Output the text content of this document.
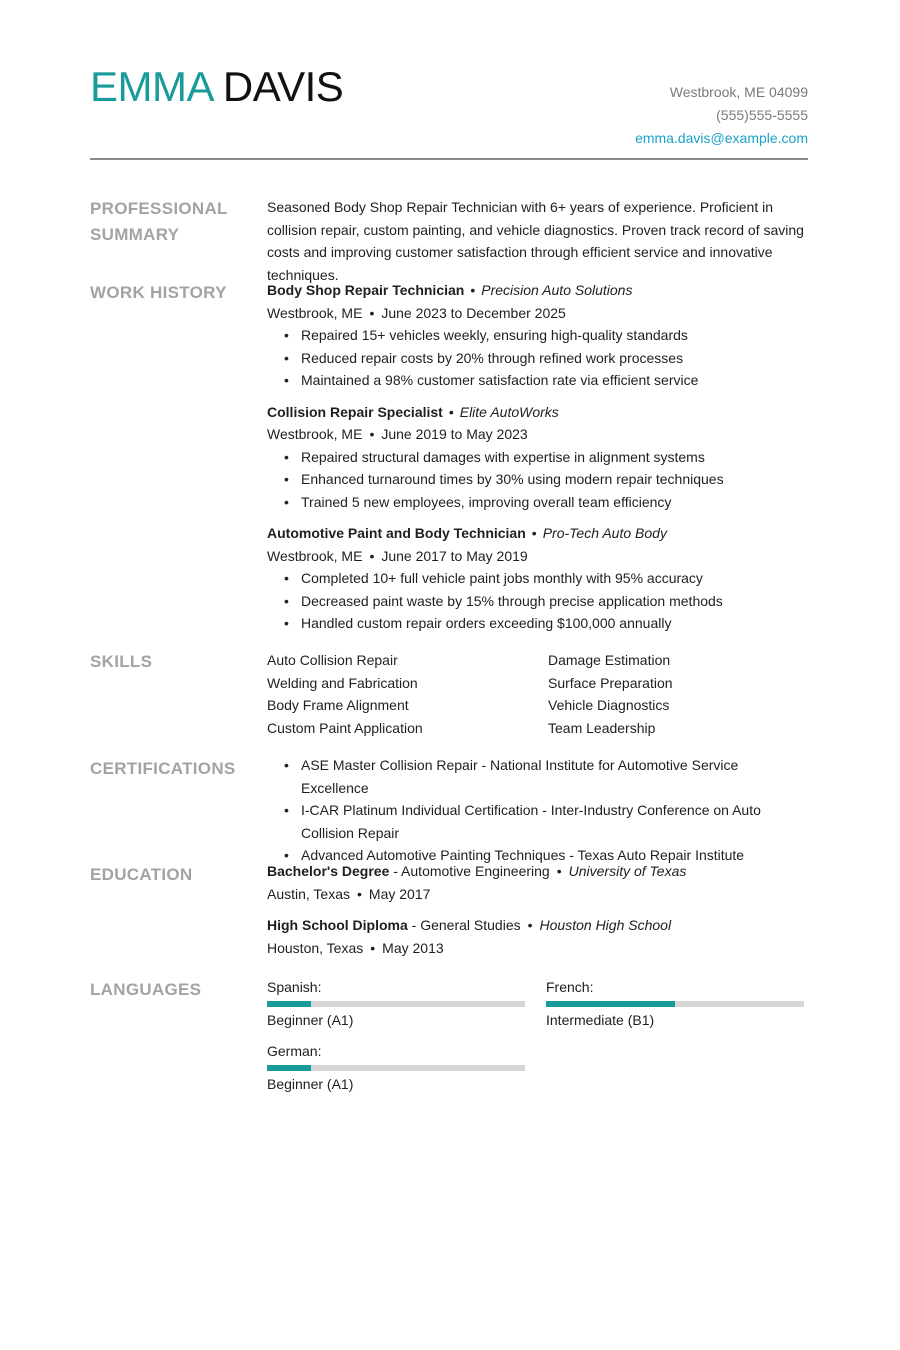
EMMA DAVIS	Westbrook, ME 04099
(555)555-5555
emma.davis@example.com
PROFESSIONAL SUMMARY

Seasoned Body Shop Repair Technician with 6+ years of experience. Proficient in collision repair, custom painting, and vehicle diagnostics. Proven track record of saving costs and improving customer satisfaction through efficient service and innovative techniques.

WORK HISTORY	Body Shop Repair Technician • Precision Auto Solutions
Westbrook, ME • June 2023 to December 2025
• Repaired 15+ vehicles weekly, ensuring high-quality standards
• Reduced repair costs by 20% through refined work processes
• Maintained a 98% customer satisfaction rate via efficient service
Collision Repair Specialist • Elite AutoWorks
Westbrook, ME • June 2019 to May 2023
• Repaired structural damages with expertise in alignment systems
• Enhanced turnaround times by 30% using modern repair techniques
• Trained 5 new employees, improving overall team efficiency
Automotive Paint and Body Technician • Pro-Tech Auto Body
Westbrook, ME • June 2017 to May 2019
• Completed 10+ full vehicle paint jobs monthly with 95% accuracy
• Decreased paint waste by 15% through precise application methods
• Handled custom repair orders exceeding $100,000 annually
SKILLS	Auto Collision Repair	Damage Estimation
Welding and Fabrication	Surface Preparation
Body Frame Alignment	Vehicle Diagnostics
Custom Paint Application	Team Leadership
CERTIFICATIONS
•	ASE Master Collision Repair - National Institute for Automotive Service Excellence
• I-CAR Platinum Individual Certification - Inter-Industry Conference on Auto Collision Repair
• Advanced Automotive Painting Techniques - Texas Auto Repair Institute
EDUCATION	Bachelor's Degree - Automotive Engineering • University of Texas
Austin, Texas • May 2017
High School Diploma - General Studies • Houston High School
Houston, Texas • May 2013
LANGUAGES	Spanish:
Beginner (A1)
French:
Intermediate (B1)
German:
Beginner (A1)
